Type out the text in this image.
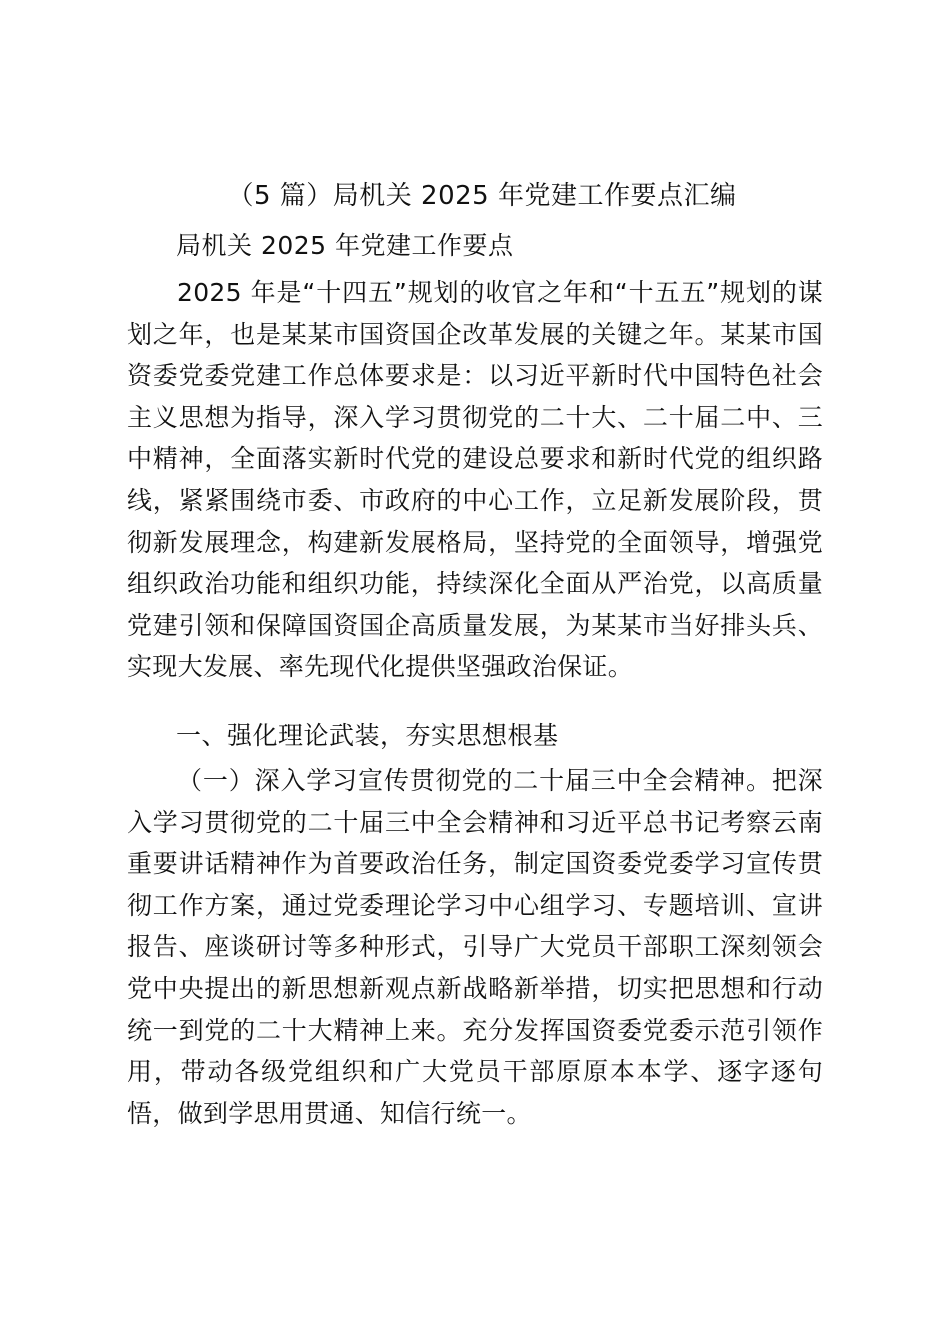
（5 篇）局机关 2025 年党建工作要点汇编
局机关 2025 年党建工作要点

2025 年是“十四五”规划的收官之年和“十五五”规划的谋划之年，也是某某市国资国企改革发展的关键之年。某某市国资委党委党建工作总体要求是：以习近平新时代中国特色社会主义思想为指导，深入学习贯彻党的二十大、二十届二中、三中精神，全面落实新时代党的建设总要求和新时代党的组织路线，紧紧围绕市委、市政府的中心工作，立足新发展阶段，贯彻新发展理念，构建新发展格局，坚持党的全面领导，增强党组织政治功能和组织功能，持续深化全面从严治党，以高质量党建引领和保障国资国企高质量发展，为某某市当好排头兵、实现大发展、率先现代化提供坚强政治保证。

一、强化理论武装，夯实思想根基

（一）深入学习宣传贯彻党的二十届三中全会精神。把深入学习贯彻党的二十届三中全会精神和习近平总书记考察云南重要讲话精神作为首要政治任务，制定国资委党委学习宣传贯彻工作方案，通过党委理论学习中心组学习、专题培训、宣讲报告、座谈研讨等多种形式，引导广大党员干部职工深刻领会党中央提出的新思想新观点新战略新举措，切实把思想和行动统一到党的二十大精神上来。充分发挥国资委党委示范引领作用，带动各级党组织和广大党员干部原原本本学、逐字逐句悟，做到学思用贯通、知信行统一。
